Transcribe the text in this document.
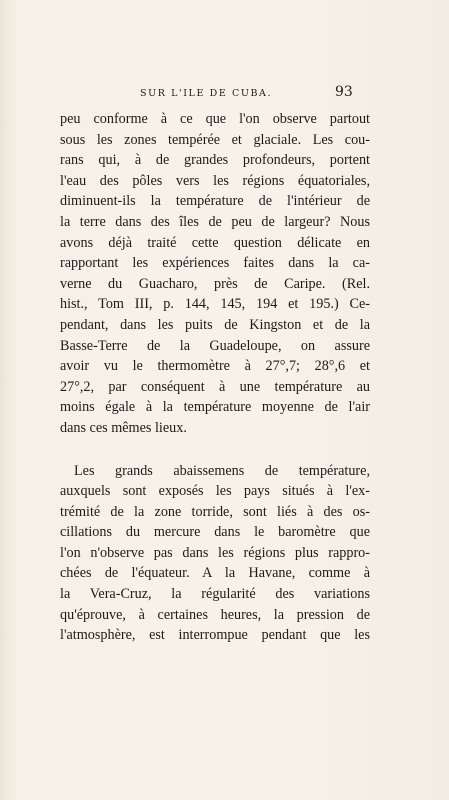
SUR L'ILE DE CUBA.	93
peu conforme à ce que l'on observe partout
sous les zones tempérée et glaciale. Les cou-
rans qui, à de grandes profondeurs, portent
l'eau des pôles vers les régions équatoriales,
diminuent-ils la température de l'intérieur de
la terre dans des îles de peu de largeur? Nous
avons déjà traité cette question délicate en
rapportant les expériences faites dans la ca-
verne du Guacharo, près de Caripe. (Rel.
hist., Tom III, p. 144, 145, 194 et 195.) Ce-
pendant, dans les puits de Kingston et de la
Basse-Terre de la Guadeloupe, on assure
avoir vu le thermomètre à 27°,7; 28°,6 et
27°,2, par conséquent à une température au
moins égale à la température moyenne de l'air
dans ces mêmes lieux.
Les grands abaissemens de température,
auxquels sont exposés les pays situés à l'ex-
trémité de la zone torride, sont liés à des os-
cillations du mercure dans le baromètre que
l'on n'observe pas dans les régions plus rappro-
chées de l'équateur. A la Havane, comme à
la Vera-Cruz, la régularité des variations
qu'éprouve, à certaines heures, la pression de
l'atmosphère, est interrompue pendant que les
